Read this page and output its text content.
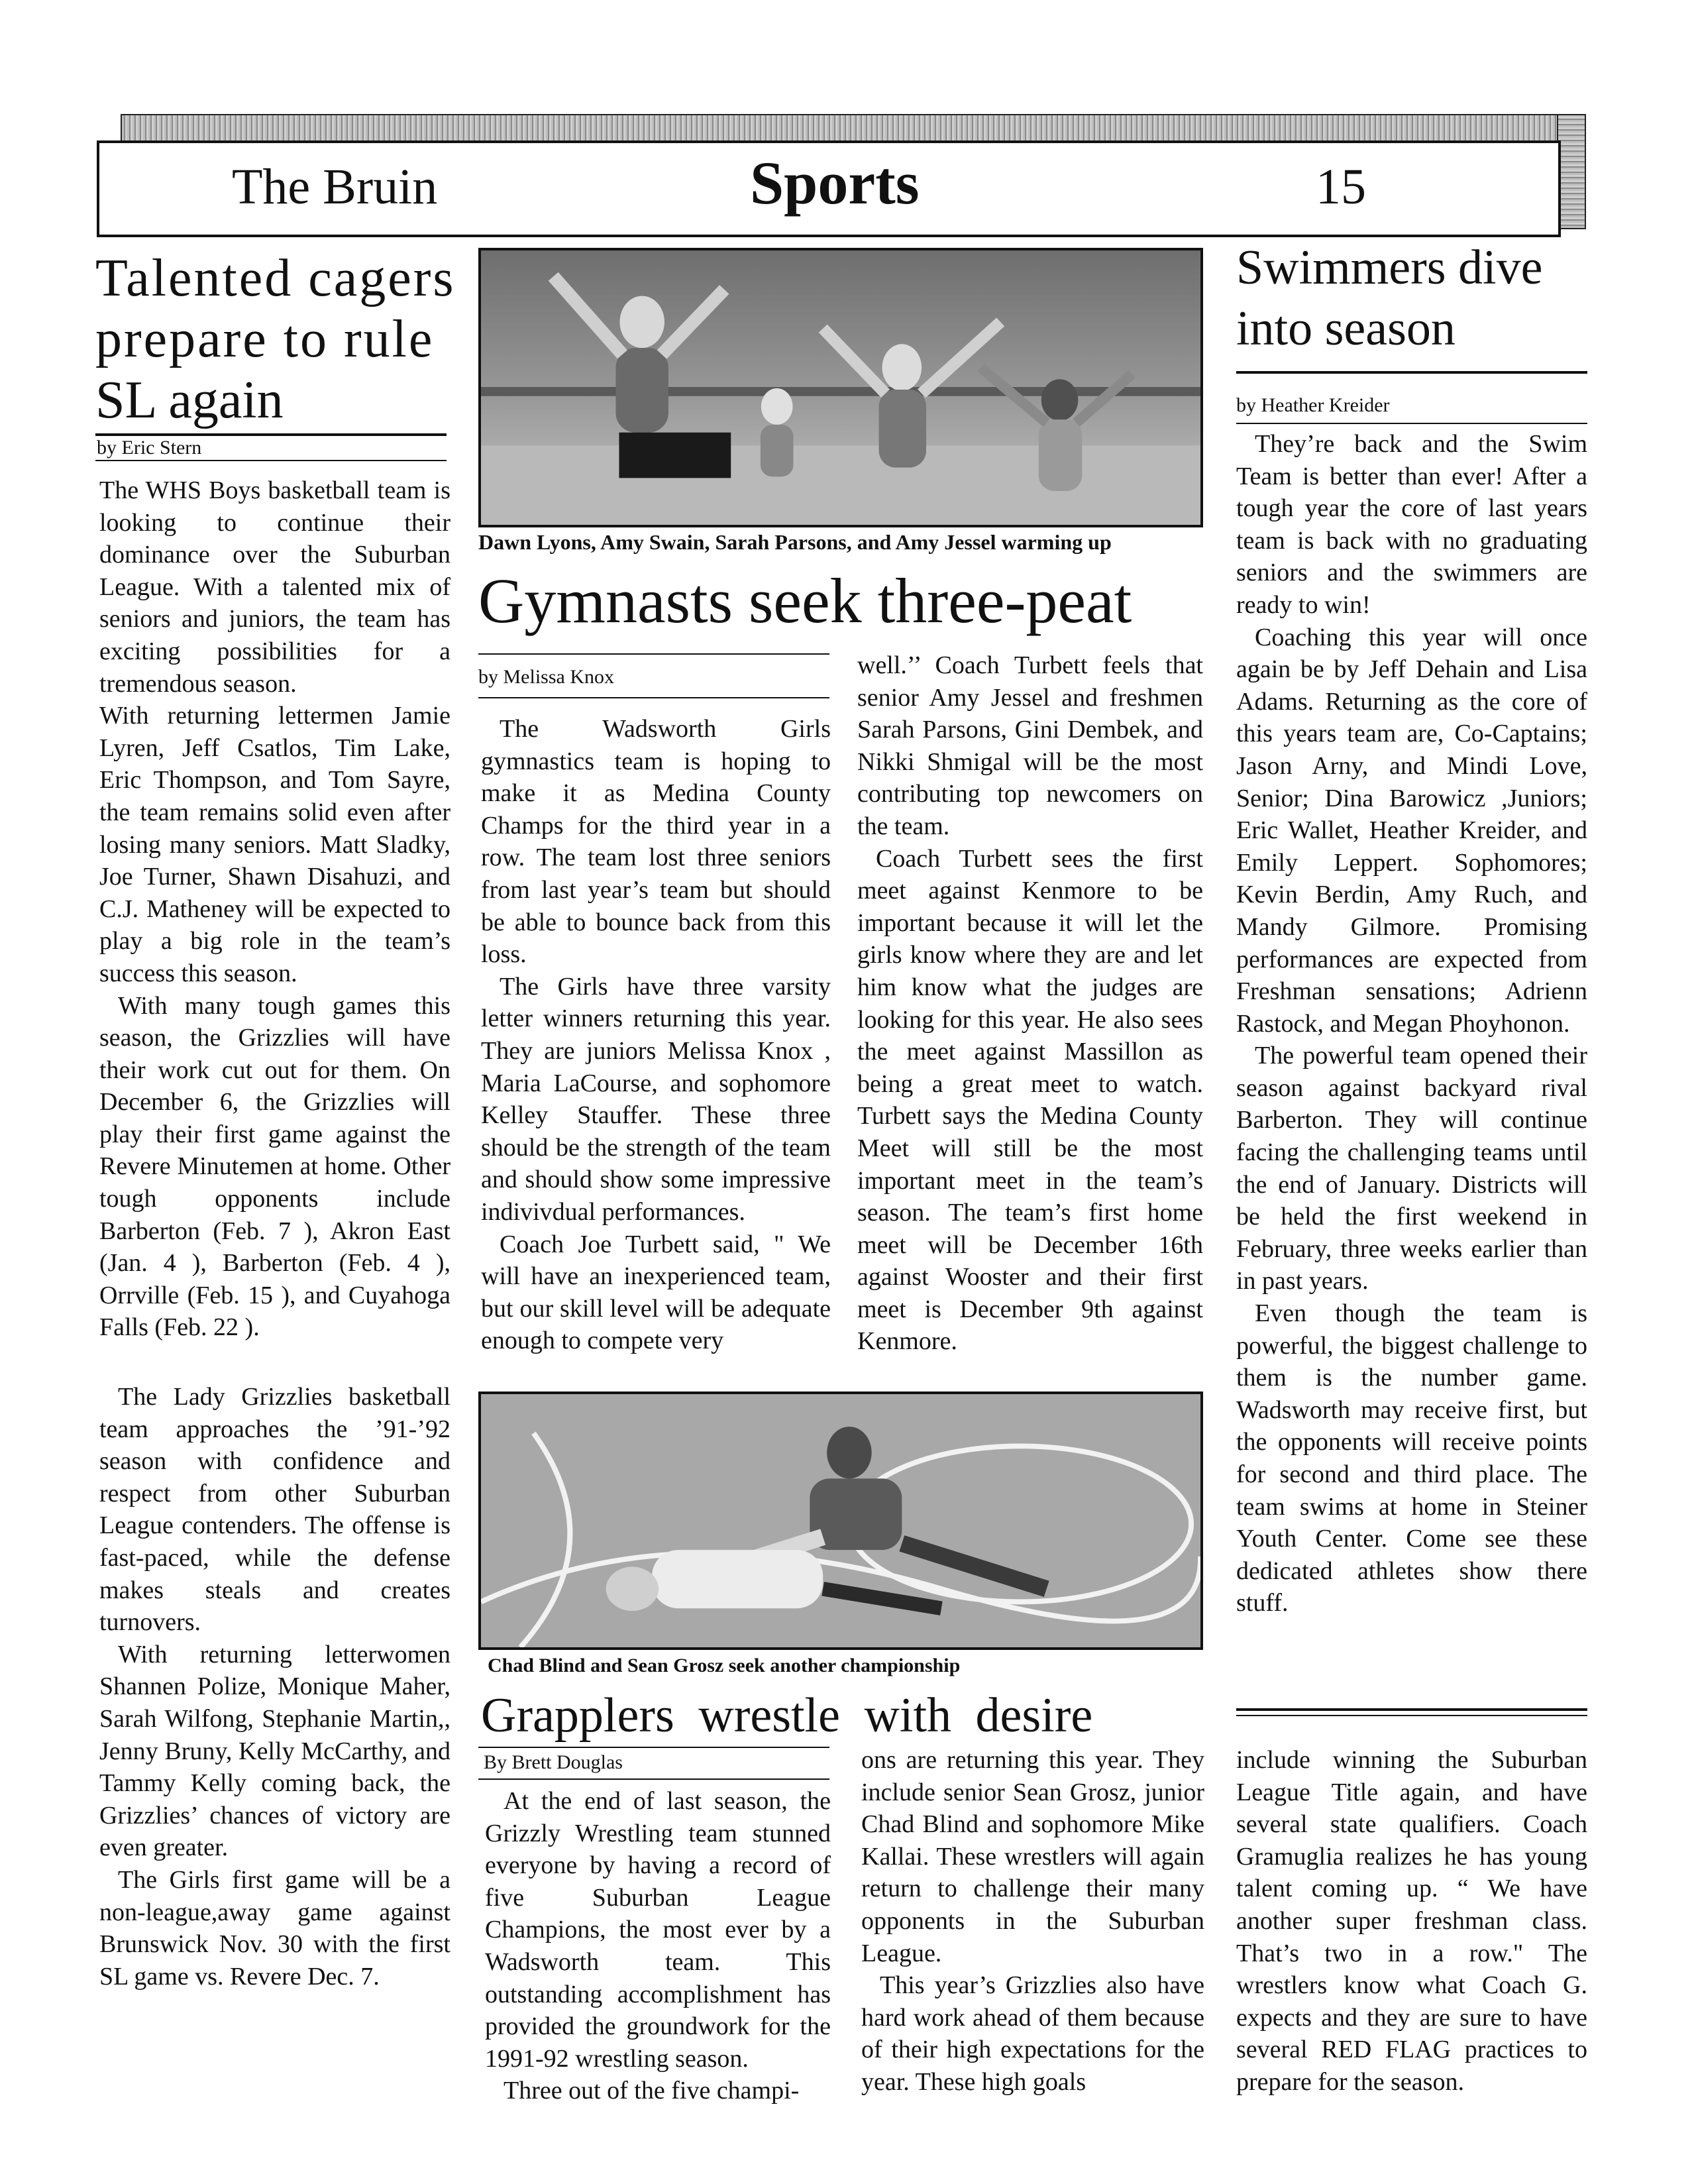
The Bruin	Sports	15
Talented cagers
prepare to rule
SL again
by Eric Stern

The WHS Boys basketball team is looking to continue their dominance over the Suburban League. With a talented mix of seniors and juniors, the team has exciting possibilities for a tremendous season.

With returning lettermen Jamie Lyren, Jeff Csatlos, Tim Lake, Eric Thompson, and Tom Sayre, the team remains solid even after losing many seniors. Matt Sladky, Joe Turner, Shawn Disahuzi, and C.J. Matheney will be expected to play a big role in the team’s success this season.

With many tough games this season, the Grizzlies will have their work cut out for them. On December 6, the Grizzlies will play their first game against the Revere Minutemen at home. Other tough opponents include Barberton (Feb. 7 ), Akron East (Jan. 4 ), Barberton (Feb. 4 ), Orrville (Feb. 15 ), and Cuyahoga Falls (Feb. 22 ).

The Lady Grizzlies basketball team approaches the ’91-’92 season with confidence and respect from other Suburban League contenders. The offense is fast-paced, while the defense makes steals and creates turnovers.

With returning letterwomen Shannen Polize, Monique Maher, Sarah Wilfong, Stephanie Martin,, Jenny Bruny, Kelly McCarthy, and Tammy Kelly coming back, the Grizzlies’ chances of victory are even greater.

The Girls first game will be a non-league,away game against Brunswick Nov. 30 with the first SL game vs. Revere Dec. 7.

Dawn Lyons, Amy Swain, Sarah Parsons, and Amy Jessel warming up
Gymnasts seek three-peat
by Melissa Knox

The Wadsworth Girls gymnastics team is hoping to make it as Medina County Champs for the third year in a row. The team lost three seniors from last year’s team but should be able to bounce back from this loss.

The Girls have three varsity letter winners returning this year. They are juniors Melissa Knox , Maria LaCourse, and sophomore Kelley Stauffer. These three should be the strength of the team and should show some impressive indivivdual performances.

Coach Joe Turbett said, " We will have an inexperienced team, but our skill level will be adequate enough to compete very

well.’’ Coach Turbett feels that senior Amy Jessel and freshmen Sarah Parsons, Gini Dembek, and Nikki Shmigal will be the most contributing top newcomers on the team.

Coach Turbett sees the first meet against Kenmore to be important because it will let the girls know where they are and let him know what the judges are looking for this year. He also sees the meet against Massillon as being a great meet to watch. Turbett says the Medina County Meet will still be the most important meet in the team’s season. The team’s first home meet will be December 16th against Wooster and their first meet is December 9th against Kenmore.

Swimmers dive
into season
by Heather Kreider

They’re back and the Swim Team is better than ever! After a tough year the core of last years team is back with no graduating seniors and the swimmers are ready to win!

Coaching this year will once again be by Jeff Dehain and Lisa Adams. Returning as the core of this years team are, Co-Captains; Jason Arny, and Mindi Love, Senior; Dina Barowicz ,Juniors; Eric Wallet, Heather Kreider, and Emily Leppert. Sophomores; Kevin Berdin, Amy Ruch, and Mandy Gilmore. Promising performances are expected from Freshman sensations; Adrienn Rastock, and Megan Phoyhonon.

The powerful team opened their season against backyard rival Barberton. They will continue facing the challenging teams until the end of January. Districts will be held the first weekend in February, three weeks earlier than in past years.

Even though the team is powerful, the biggest challenge to them is the number game. Wadsworth may receive first, but the opponents will receive points for second and third place. The team swims at home in Steiner Youth Center. Come see these dedicated athletes show there stuff.

Chad Blind and Sean Grosz seek another championship
Grapplers wrestle with desire
By Brett Douglas

At the end of last season, the Grizzly Wrestling team stunned everyone by having a record of five Suburban League Champions, the most ever by a Wadsworth team. This outstanding accomplishment has provided the groundwork for the 1991-92 wrestling season.

Three out of the five champi-

ons are returning this year. They include senior Sean Grosz, junior Chad Blind and sophomore Mike Kallai. These wrestlers will again return to challenge their many opponents in the Suburban League.

This year’s Grizzlies also have hard work ahead of them because of their high expectations for the year. These high goals

include winning the Suburban League Title again, and have several state qualifiers. Coach Gramuglia realizes he has young talent coming up. “ We have another super freshman class. That’s two in a row." The wrestlers know what Coach G. expects and they are sure to have several RED FLAG practices to prepare for the season.
